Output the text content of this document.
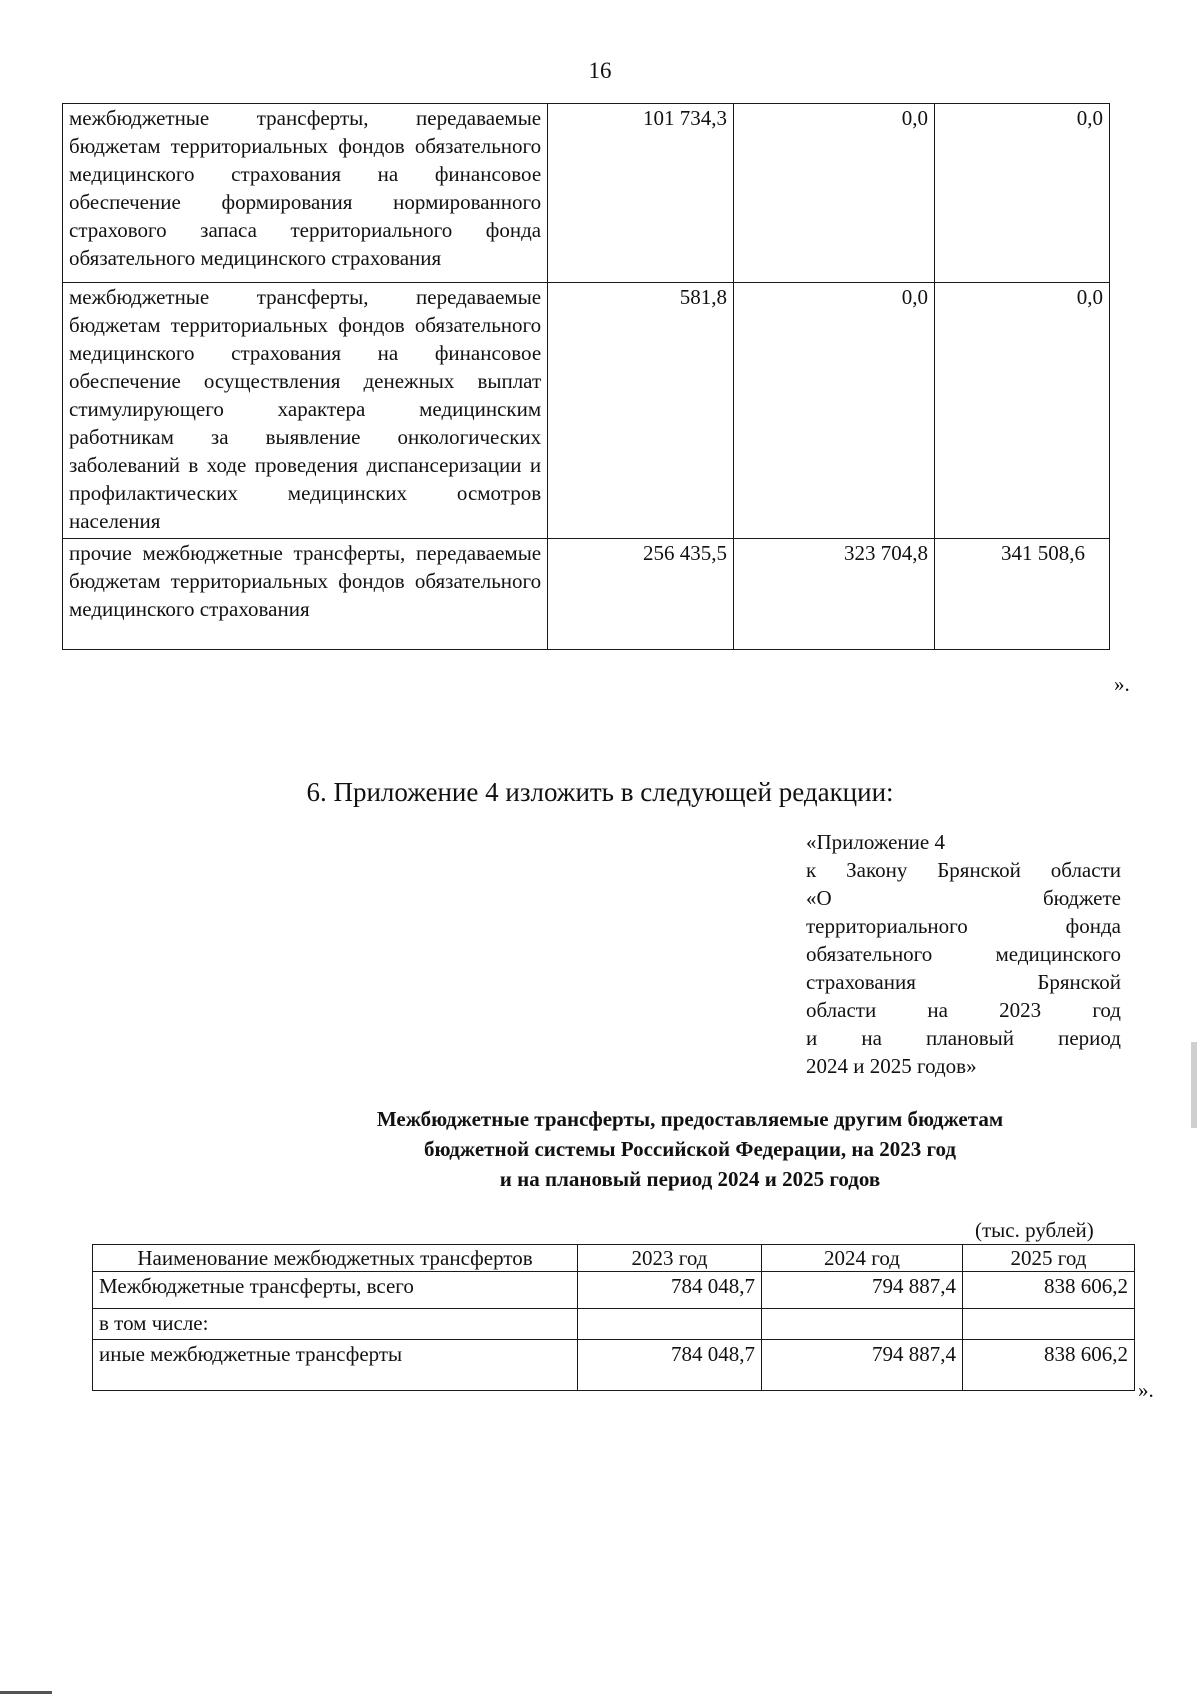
16
межбюджетные трансферты, передаваемые бюджетам территориальных фондов обязательного медицинского страхования на финансовое обеспечение формирования нормированного страхового запаса территориального фонда обязательного медицинского страхования	101 734,3	0,0	0,0
межбюджетные трансферты, передаваемые бюджетам территориальных фондов обязательного медицинского страхования на финансовое обеспечение осуществления денежных выплат стимулирующего характера медицинским работникам за выявление онкологических заболеваний в ходе проведения диспансеризации и профилактических медицинских осмотров населения	581,8	0,0	0,0
прочие межбюджетные трансферты, передаваемые бюджетам территориальных фондов обязательного медицинского страхования	256 435,5	323 704,8	341 508,6
».
6. Приложение 4 изложить в следующей редакции:
«Приложение 4
к Закону Брянской области
«О бюджете
территориального фонда
обязательного медицинского
страхования Брянской
области на 2023 год
и на плановый период
2024 и 2025 годов»
Межбюджетные трансферты, предоставляемые другим бюджетам
бюджетной системы Российской Федерации, на 2023 год
и на плановый период 2024 и 2025 годов
(тыс. рублей)
Наименование межбюджетных трансфертов	2023 год	2024 год	2025 год
Межбюджетные трансферты, всего	784 048,7	794 887,4	838 606,2
в том числе:			
иные межбюджетные трансферты	784 048,7	794 887,4	838 606,2
».
